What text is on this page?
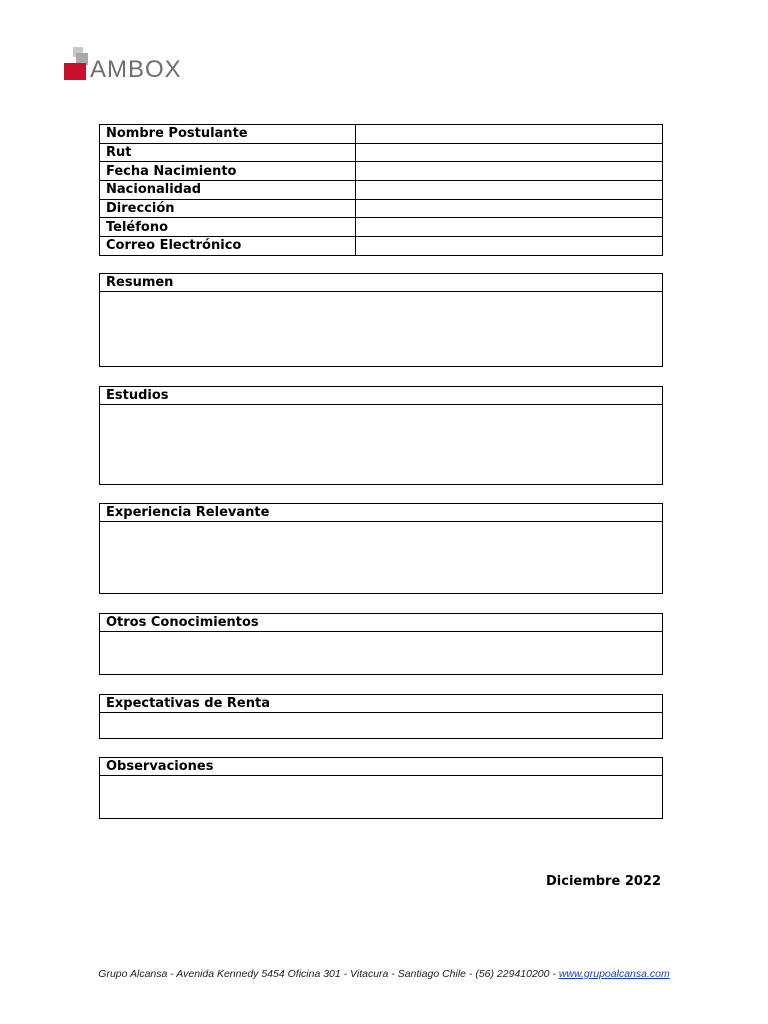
AMBOX
Nombre Postulante	
Rut	
Fecha Nacimiento	
Nacionalidad	
Dirección	
Teléfono	
Correo Electrónico	
Resumen

Estudios

Experiencia Relevante

Otros Conocimientos

Expectativas de Renta

Observaciones

Diciembre 2022
Grupo Alcansa - Avenida Kennedy 5454 Oficina 301 - Vitacura - Santiago Chile - (56) 229410200 - www.grupoalcansa.com
